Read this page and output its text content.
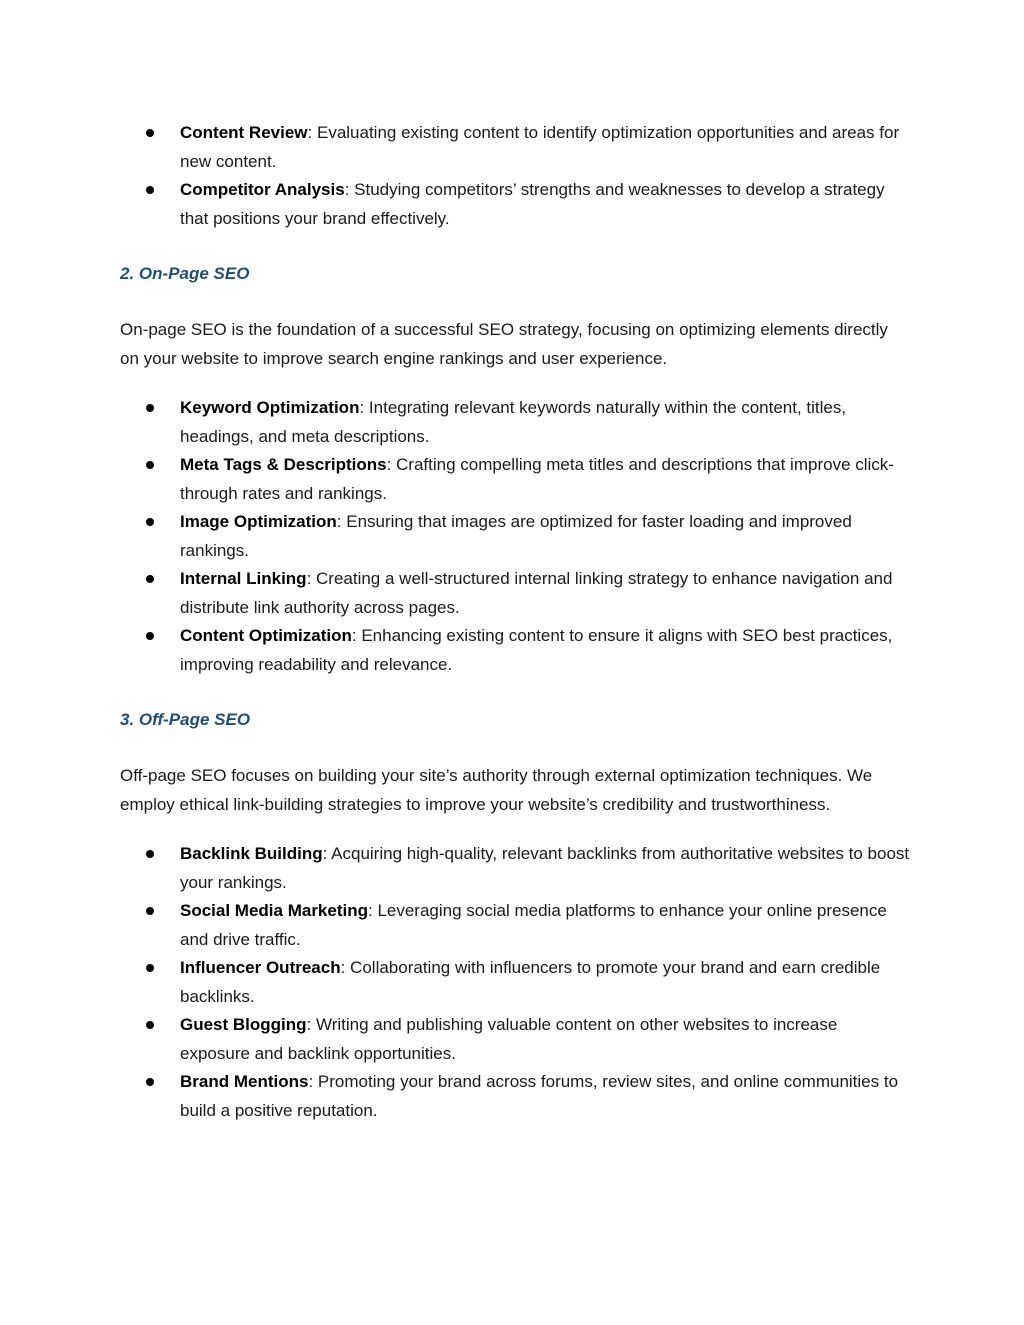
Content Review: Evaluating existing content to identify optimization opportunities and areas for new content.
Competitor Analysis: Studying competitors’ strengths and weaknesses to develop a strategy that positions your brand effectively.
2. On-Page SEO

On-page SEO is the foundation of a successful SEO strategy, focusing on optimizing elements directly on your website to improve search engine rankings and user experience.

Keyword Optimization: Integrating relevant keywords naturally within the content, titles, headings, and meta descriptions.
Meta Tags & Descriptions: Crafting compelling meta titles and descriptions that improve click-through rates and rankings.
Image Optimization: Ensuring that images are optimized for faster loading and improved rankings.
Internal Linking: Creating a well-structured internal linking strategy to enhance navigation and distribute link authority across pages.
Content Optimization: Enhancing existing content to ensure it aligns with SEO best practices, improving readability and relevance.
3. Off-Page SEO

Off-page SEO focuses on building your site’s authority through external optimization techniques. We employ ethical link-building strategies to improve your website’s credibility and trustworthiness.

Backlink Building: Acquiring high-quality, relevant backlinks from authoritative websites to boost your rankings.
Social Media Marketing: Leveraging social media platforms to enhance your online presence and drive traffic.
Influencer Outreach: Collaborating with influencers to promote your brand and earn credible backlinks.
Guest Blogging: Writing and publishing valuable content on other websites to increase exposure and backlink opportunities.
Brand Mentions: Promoting your brand across forums, review sites, and online communities to build a positive reputation.
